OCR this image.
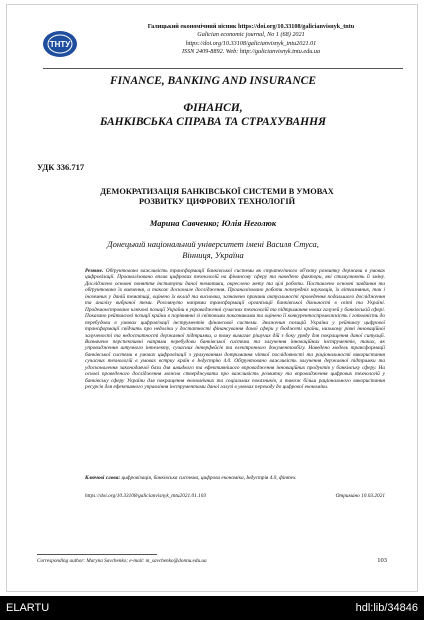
ТНТУ
Галицький економічний вісник https://doi.org/10.33108/galicianvisnyk_tntu
Galician economic journal, No 1 (68) 2021
https://doi.org/10.33108/galicianvisnyk_tntu2021.01
ISSN 2409-8892. Web: http://galicianvisnyk.tntu.edu.ua
FINANCE, BANKING AND INSURANCE
ФІНАНСИ,
БАНКІВСЬКА СПРАВА ТА СТРАХУВАННЯ
УДК 336.717
ДЕМОКРАТИЗАЦІЯ БАНКІВСЬКОЇ СИСТЕМИ В УМОВАХ
РОЗВИТКУ ЦИФРОВИХ ТЕХНОЛОГІЙ
Марина Савченко; Юлія Неголюк
Донецький національний університет імені Василя Стуса,
Вінниця, Україна
Резюме. Обґрунтовано важливість трансформації банківської системи як стратегічного об'єкту розвитку держави в умовах цифровізації. Проаналізовано вплив цифрових технологій на фінансову сферу та наведено фактори, які стимулюють її зміну. Досліджено основні поняття інститути даної тематики, окреслено мету та цілі роботи. Поставлено основні завдання та обґрунтовано їх вивчення, а також досконале дослідження. Проаналізовано роботи попередніх науковців, їх вітчизняних, так і іноземних у даній тематиці, оцінено їх вклад та висновки, зазначено причини актуальності проведення подальшого дослідження та аналізу вибраної теми. Розглянуто напрями трансформації організації банківської діяльності в світі та Україні. Продемонстровано ключові позиції України в упровадженні сучасних технологій та підтримання нових галузей у банківській сфері. Показано рейтингові позиції країни в порівнянні зі світовими показниками та оцінено її конкурентоспроможність і готовність до перебудови в умовах цифровізації інструментів фінансової системи. Знижения позицій України у рейтингу цифрової трансформації свідчить про недоліки у достатності фінансування даної сфери у бюджеті країни, низькому рівні інноваційної залученості та недостатності державної підтримки, а тому вимагає рішучих дій з боку уряду для покращення даної ситуації. Визначено перспективні напрями перебудови банківської системи та залучення інноваційних інструментів, таких, як упровадження штучного інтелекту, сучасних інтерфейсів та електронного документообігу. Наведено модель трансформації банківської системи в умовах цифровізації з урахуванням дотримання чіткої послідовності та раціональності використання сучасних технологій в умовах встрку країн в Індустрію 4.0. Обґрунтовано важливість залучення державної підтримки та удосконалення законодавчої бази для швидкого та ефективнішого впровадження інноваційних продуктів у банківську сферу. На основі проведеного дослідження можна стверджувати про важливість розвитку та впровадження цифрових технологій у банківську сферу України для покращення економічних та соціальних показників, а також більш раціонального використання ресурсів для ефективного управління інструментами даної галузі в умовах переходу до цифрової економіки.
Ключові слова: цифровізація, банківська система, цифрова економіка, Індустрія 4.0, фінтех.
https://doi.org/10.33108/galicianvisnyk_tntu2021.01.103	Отримано 10.03.2021
Corresponding author: Maryna Savchenko; e-mail: m_savchenko@donnu.edu.ua	103
ELARTU	hdl:lib/34846
